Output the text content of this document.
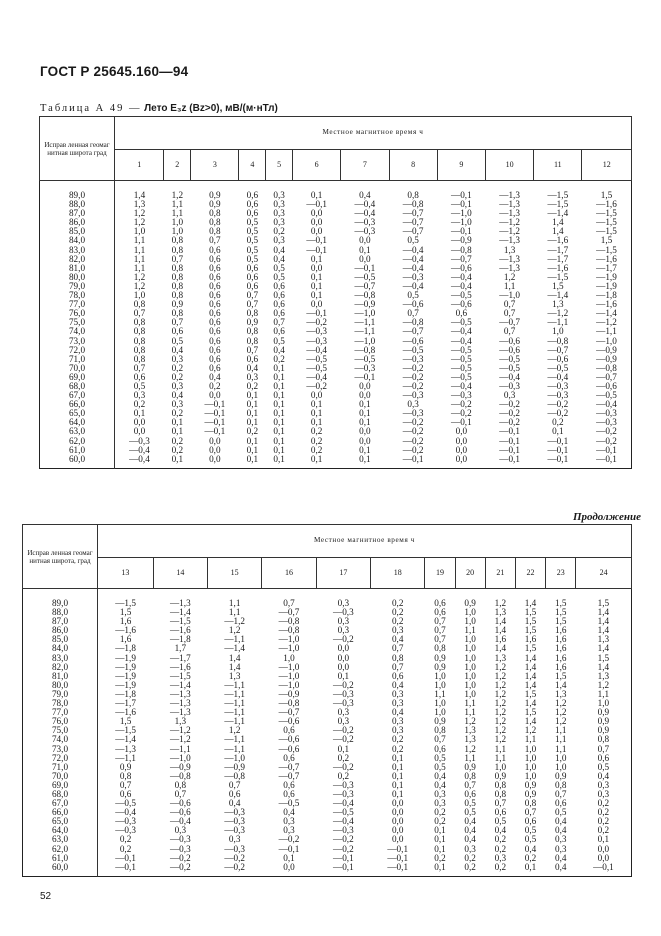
ГОСТ Р 25645.160—94
Таблица А 49 — Лето E₃z (Bz>0), мВ/(м·нТл)
Исправ ленная геомаг нитная широта град	Местное магнитное время ч											
	1	2	3	4	5	6	7	8	9	10	11	12
89,0	1,4	1,2	0,9	0,6	0,3	0,1	0,4	0,8	—0,1	—1,3	—1,5	1,5
88,0	1,3	1,1	0,9	0,6	0,3	—0,1	—0,4	—0,8	—0,1	—1,3	—1,5	—1,6
87,0	1,2	1,1	0,8	0,6	0,3	0,0	—0,4	—0,7	—1,0	—1,3	—1,4	—1,5
86,0	1,2	1,0	0,8	0,5	0,3	0,0	—0,3	—0,7	—1,0	—1,2	1,4	—1,5
85,0	1,0	1,0	0,8	0,5	0,2	0,0	—0,3	—0,7	—0,1	—1,2	1,4	—1,5
84,0	1,1	0,8	0,7	0,5	0,3	—0,1	0,0	0,5	—0,9	—1,3	—1,6	1,5
83,0	1,1	0,8	0,6	0,5	0,4	—0,1	0,1	—0,4	—0,8	1,3	—1,7	—1,5
82,0	1,1	0,7	0,6	0,5	0,4	0,1	0,0	—0,4	—0,7	—1,3	—1,7	—1,6
81,0	1,1	0,8	0,6	0,6	0,5	0,0	—0,1	—0,4	—0,6	—1,3	—1,6	—1,7
80,0	1,2	0,8	0,6	0,6	0,5	0,1	—0,5	—0,3	—0,4	1,2	—1,5	—1,9
79,0	1,2	0,8	0,6	0,6	0,6	0,1	—0,7	—0,4	—0,4	1,1	1,5	—1,9
78,0	1,0	0,8	0,6	0,7	0,6	0,1	—0,8	0,5	—0,5	—1,0	—1,4	—1,8
77,0	0,8	0,9	0,6	0,7	0,6	0,0	—0,9	—0,6	—0,6	0,7	1,3	—1,6
76,0	0,7	0,8	0,6	0,8	0,6	—0,1	—1,0	0,7	0,6	0,7	—1,2	—1,4
75,0	0,8	0,7	0,6	0,9	0,7	—0,2	—1,1	—0,8	—0,5	—0,7	—1,1	—1,2
74,0	0,8	0,6	0,6	0,8	0,6	—0,3	—1,1	—0,7	—0,4	0,7	1,0	—1,1
73,0	0,8	0,5	0,6	0,8	0,5	—0,3	—1,0	—0,6	—0,4	—0,6	—0,8	—1,0
72,0	0,8	0,4	0,6	0,7	0,4	—0,4	—0,8	—0,5	—0,5	—0,6	—0,7	—0,9
71,0	0,8	0,3	0,6	0,6	0,2	—0,5	—0,5	—0,3	—0,5	—0,5	—0,6	—0,9
70,0	0,7	0,2	0,6	0,4	0,1	—0,5	—0,3	—0,2	—0,5	—0,5	—0,5	—0,8
69,0	0,6	0,2	0,4	0,3	0,1	—0,4	—0,1	—0,2	—0,5	—0,4	—0,4	—0,7
68,0	0,5	0,3	0,2	0,2	0,1	—0,2	0,0	—0,2	—0,4	—0,3	—0,3	—0,6
67,0	0,3	0,4	0,0	0,1	0,1	0,0	0,0	—0,3	—0,3	0,3	—0,3	—0,5
66,0	0,2	0,3	—0,1	0,1	0,1	0,1	0,1	0,3	—0,2	—0,2	—0,2	—0,4
65,0	0,1	0,2	—0,1	0,1	0,1	0,1	0,1	—0,3	—0,2	—0,2	—0,2	—0,3
64,0	0,0	0,1	—0,1	0,1	0,1	0,1	0,1	—0,2	—0,1	—0,2	0,2	—0,3
63,0	0,0	0,1	—0,1	0,2	0,1	0,2	0,0	—0,2	0,0	—0,1	0,1	—0,2
62,0	—0,3	0,2	0,0	0,1	0,1	0,2	0,0	—0,2	0,0	—0,1	—0,1	—0,2
61,0	—0,4	0,2	0,0	0,1	0,1	0,2	0,1	—0,2	0,0	—0,1	—0,1	—0,1
60,0	—0,4	0,1	0,0	0,1	0,1	0,1	0,1	—0,1	0,0	—0,1	—0,1	—0,1
Продолжение
Исправ ленная геомаг нитная широта, град	Местное магнитное время ч											
	13	14	15	16	17	18	19	20	21	22	23	24
89,0	—1,5	—1,3	1,1	0,7	0,3	0,2	0,6	0,9	1,2	1,4	1,5	1,5
88,0	1,5	—1,4	1,1	—0,7	—0,3	0,2	0,6	1,0	1,3	1,5	1,5	1,4
87,0	1,6	—1,5	—1,2	—0,8	0,3	0,2	0,7	1,0	1,4	1,5	1,5	1,4
86,0	—1,6	—1,6	1,2	—0,8	0,3	0,3	0,7	1,1	1,4	1,5	1,6	1,4
85,0	1,6	—1,8	—1,1	—1,0	—0,2	0,4	0,7	1,0	1,6	1,6	1,6	1,3
84,0	—1,8	1,7	—1,4	—1,0	0,0	0,7	0,8	1,0	1,4	1,5	1,6	1,4
83,0	—1,9	—1,7	1,4	1,0	0,0	0,8	0,9	1,0	1,3	1,4	1,6	1,5
82,0	—1,9	—1,6	1,4	—1,0	0,0	0,7	0,9	1,0	1,2	1,4	1,6	1,4
81,0	—1,9	—1,5	1,3	—1,0	0,1	0,6	1,0	1,0	1,2	1,4	1,5	1,3
80,0	—1,9	—1,4	—1,1	—1,0	—0,2	0,4	1,0	1,0	1,2	1,4	1,4	1,2
79,0	—1,8	—1,3	—1,1	—0,9	—0,3	0,3	1,1	1,0	1,2	1,5	1,3	1,1
78,0	—1,7	—1,3	—1,1	—0,8	—0,3	0,3	1,0	1,1	1,2	1,4	1,2	1,0
77,0	—1,6	—1,3	—1,1	—0,7	0,3	0,4	1,0	1,1	1,2	1,5	1,2	0,9
76,0	1,5	1,3	—1,1	—0,6	0,3	0,3	0,9	1,2	1,2	1,4	1,2	0,9
75,0	—1,5	—1,2	1,2	0,6	—0,2	0,3	0,8	1,3	1,2	1,2	1,1	0,9
74,0	—1,4	—1,2	—1,1	—0,6	—0,2	0,2	0,7	1,3	1,2	1,1	1,1	0,8
73,0	—1,3	—1,1	—1,1	—0,6	0,1	0,2	0,6	1,2	1,1	1,0	1,1	0,7
72,0	—1,1	—1,0	—1,0	0,6	0,2	0,1	0,5	1,1	1,1	1,0	1,0	0,6
71,0	0,9	—0,9	—0,9	—0,7	—0,2	0,1	0,5	0,9	1,0	1,0	1,0	0,5
70,0	0,8	—0,8	—0,8	—0,7	0,2	0,1	0,4	0,8	0,9	1,0	0,9	0,4
69,0	0,7	0,8	0,7	0,6	—0,3	0,1	0,4	0,7	0,8	0,9	0,8	0,3
68,0	0,6	0,7	0,6	0,6	—0,3	0,1	0,3	0,6	0,8	0,9	0,7	0,3
67,0	—0,5	—0,6	0,4	—0,5	—0,4	0,0	0,3	0,5	0,7	0,8	0,6	0,2
66,0	—0,4	—0,6	—0,3	0,4	—0,5	0,0	0,2	0,5	0,6	0,7	0,5	0,2
65,0	—0,3	—0,4	—0,3	0,3	—0,4	0,0	0,2	0,4	0,5	0,6	0,4	0,2
64,0	—0,3	0,3	—0,3	0,3	—0,3	0,0	0,1	0,4	0,4	0,5	0,4	0,2
63,0	0,2	—0,3	0,3	—0,2	—0,2	0,0	0,1	0,4	0,2	0,5	0,3	0,1
62,0	0,2	—0,3	—0,3	—0,1	—0,2	—0,1	0,1	0,3	0,2	0,4	0,3	0,0
61,0	—0,1	—0,2	—0,2	0,1	—0,1	—0,1	0,2	0,2	0,3	0,2	0,4	0,0
60,0	—0,1	—0,2	—0,2	0,0	—0,1	—0,1	0,1	0,2	0,2	0,1	0,4	—0,1
52
